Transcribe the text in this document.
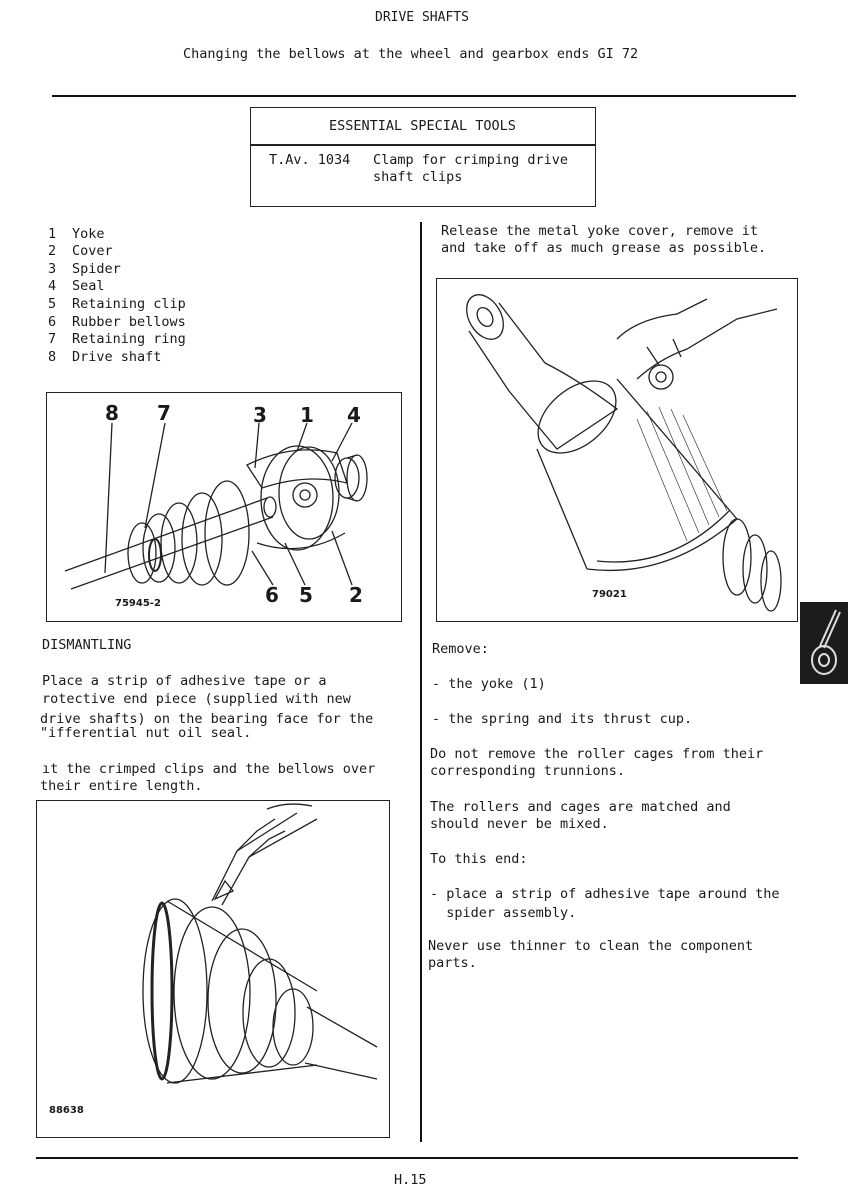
DRIVE SHAFTS
Changing the bellows at the wheel and gearbox ends GI 72
ESSENTIAL SPECIAL TOOLS
T.Av. 1034 Clamp for crimping drive
shaft clips
1 Yoke
2 Cover
3 Spider
4 Seal
5 Retaining clip
6 Rubber bellows
7 Retaining ring
8 Drive shaft
8 7	3 1 4
6 5 2
75945-2
DISMANTLING
Place a strip of adhesive tape or a
rotective end piece (supplied with new
drive shafts) on the bearing face for the
"ifferential nut oil seal.
ıt the crimped clips and the bellows over
their entire length.
88638
Release the metal yoke cover, remove it
and take off as much grease as possible.
79021
Remove:
- the yoke (1)
- the spring and its thrust cup.
Do not remove the roller cages from their
corresponding trunnions.
The rollers and cages are matched and
should never be mixed.
To this end:
- place a strip of adhesive tape around the
spider assembly.
Never use thinner to clean the component
parts.
H.15
